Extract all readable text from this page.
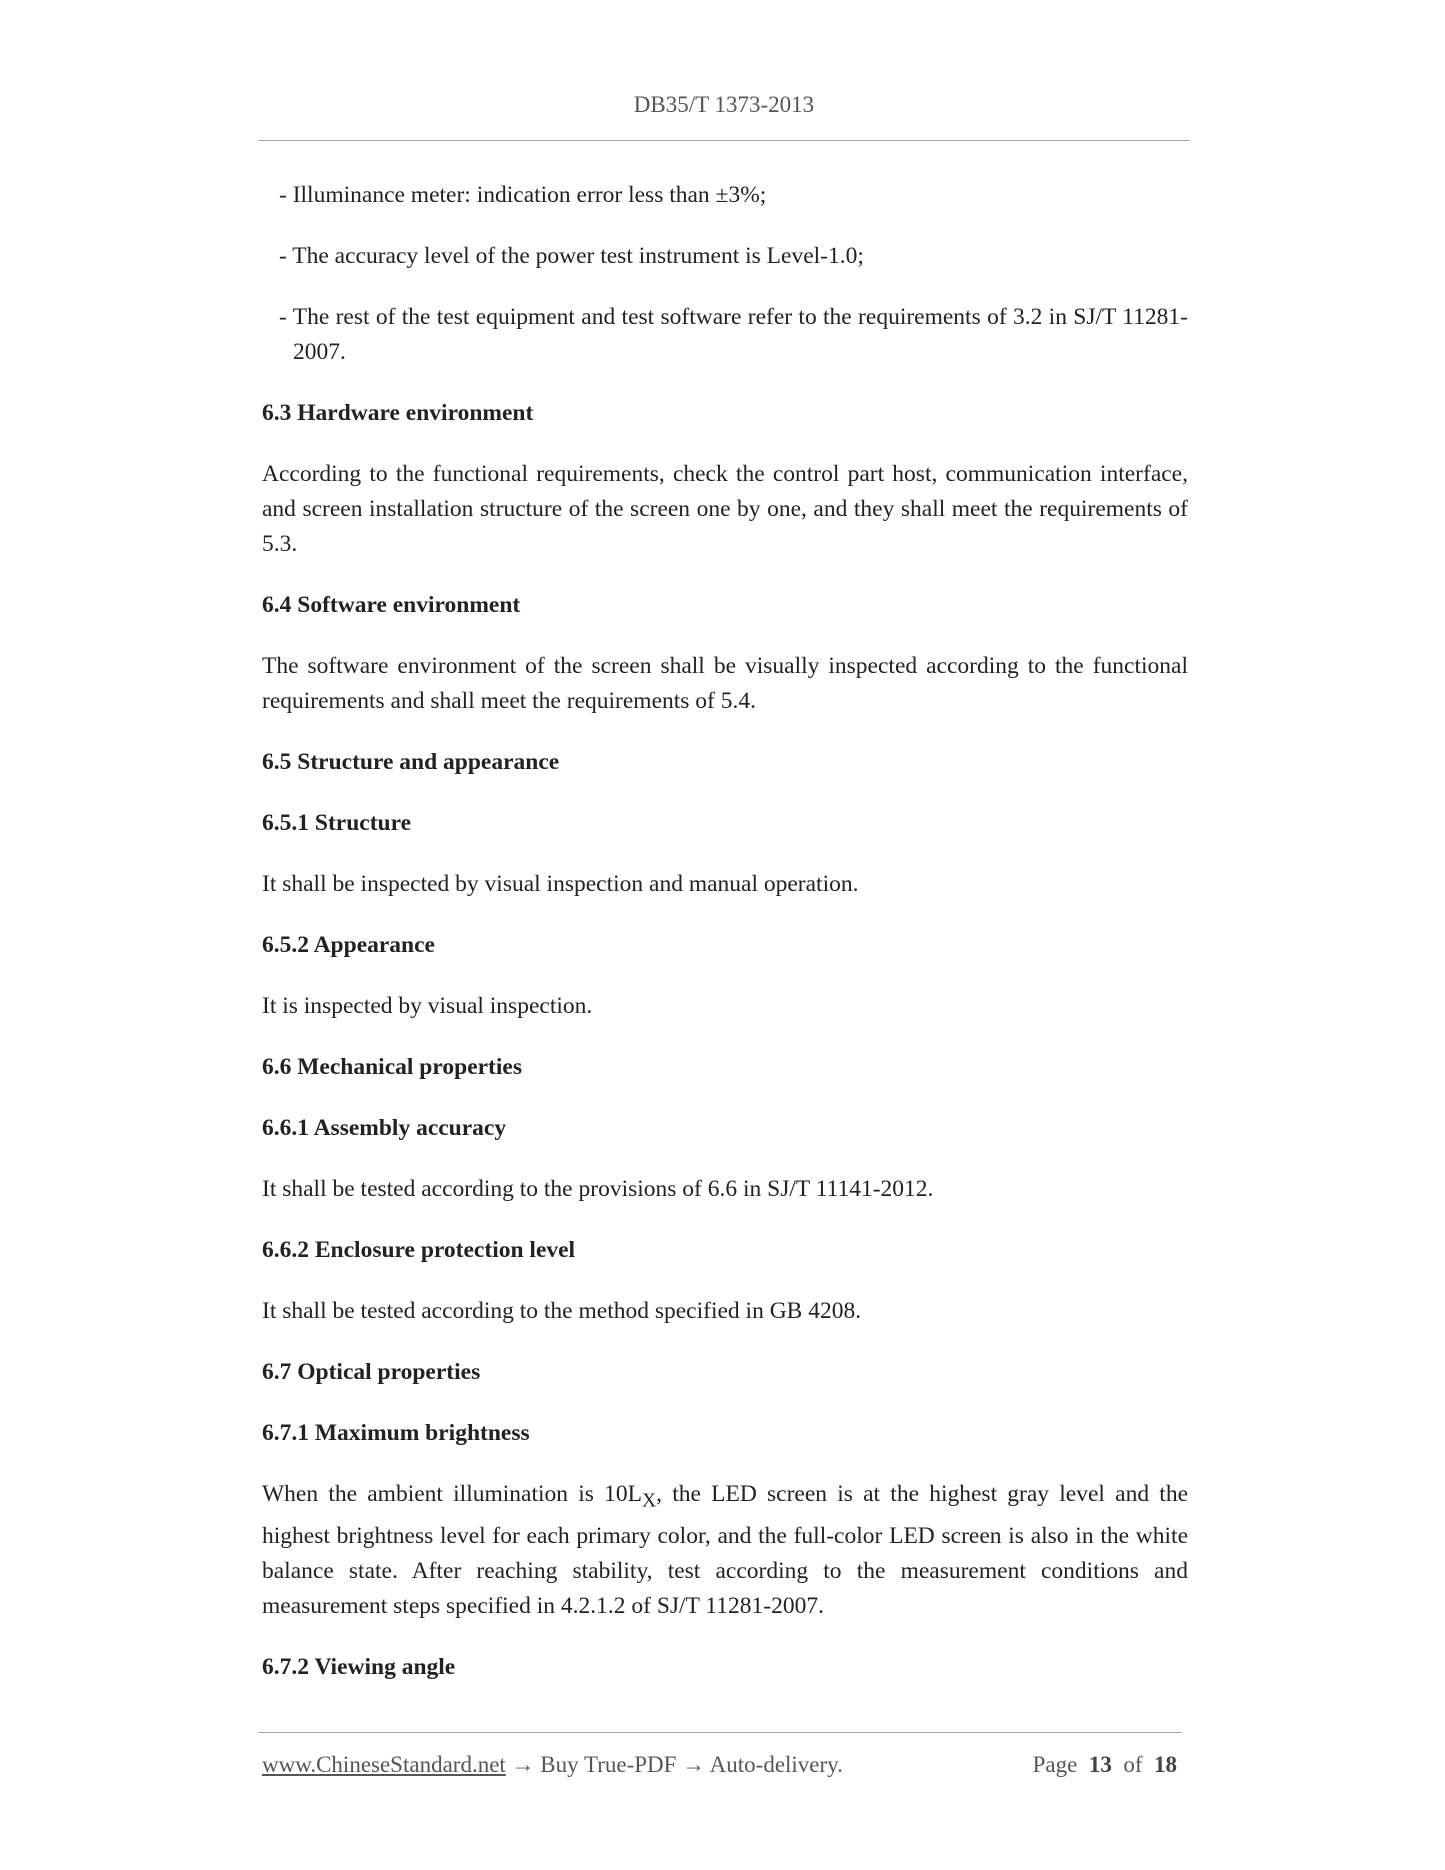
DB35/T 1373-2013

- Illuminance meter: indication error less than ±3%;

- The accuracy level of the power test instrument is Level-1.0;

- The rest of the test equipment and test software refer to the requirements of 3.2 in SJ/T 11281-2007.

6.3 Hardware environment

According to the functional requirements, check the control part host, communication interface, and screen installation structure of the screen one by one, and they shall meet the requirements of 5.3.

6.4 Software environment

The software environment of the screen shall be visually inspected according to the functional requirements and shall meet the requirements of 5.4.

6.5 Structure and appearance

6.5.1 Structure

It shall be inspected by visual inspection and manual operation.

6.5.2 Appearance

It is inspected by visual inspection.

6.6 Mechanical properties

6.6.1 Assembly accuracy

It shall be tested according to the provisions of 6.6 in SJ/T 11141-2012.

6.6.2 Enclosure protection level

It shall be tested according to the method specified in GB 4208.

6.7 Optical properties

6.7.1 Maximum brightness

When the ambient illumination is $10L_X$, the LED screen is at the highest gray level and the highest brightness level for each primary color, and the full-color LED screen is also in the white balance state. After reaching stability, test according to the measurement conditions and measurement steps specified in 4.2.1.2 of SJ/T 11281-2007.

6.7.2 Viewing angle

www.ChineseStandard.net → Buy True-PDF → Auto-delivery.	Page 13 of 18
